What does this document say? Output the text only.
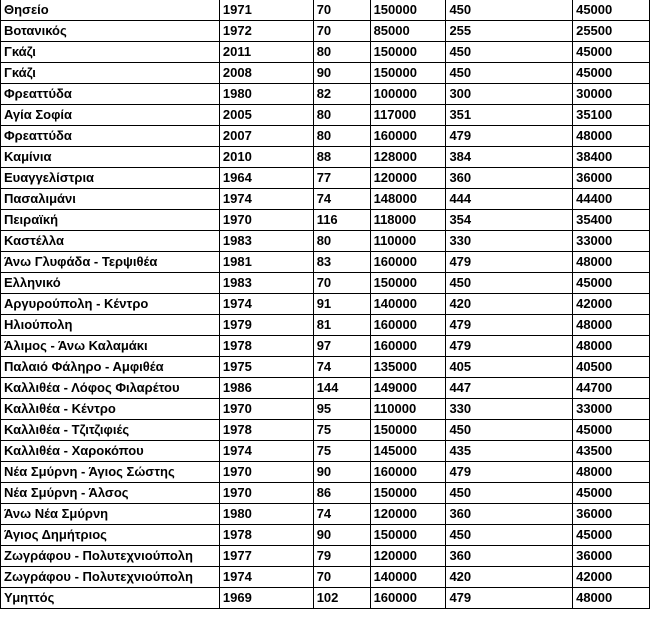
Θησείο	1971	70	150000	450	45000
Βοτανικός	1972	70	85000	255	25500
Γκάζι	2011	80	150000	450	45000
Γκάζι	2008	90	150000	450	45000
Φρεαττύδα	1980	82	100000	300	30000
Αγία Σοφία	2005	80	117000	351	35100
Φρεαττύδα	2007	80	160000	479	48000
Καμίνια	2010	88	128000	384	38400
Ευαγγελίστρια	1964	77	120000	360	36000
Πασαλιμάνι	1974	74	148000	444	44400
Πειραϊκή	1970	116	118000	354	35400
Καστέλλα	1983	80	110000	330	33000
Άνω Γλυφάδα - Τερψιθέα	1981	83	160000	479	48000
Ελληνικό	1983	70	150000	450	45000
Αργυρούπολη - Κέντρο	1974	91	140000	420	42000
Ηλιούπολη	1979	81	160000	479	48000
Άλιμος - Άνω Καλαμάκι	1978	97	160000	479	48000
Παλαιό Φάληρο - Αμφιθέα	1975	74	135000	405	40500
Καλλιθέα - Λόφος Φιλαρέτου	1986	144	149000	447	44700
Καλλιθέα - Κέντρο	1970	95	110000	330	33000
Καλλιθέα - Τζιτζιφιές	1978	75	150000	450	45000
Καλλιθέα - Χαροκόπου	1974	75	145000	435	43500
Νέα Σμύρνη - Άγιος Σώστης	1970	90	160000	479	48000
Νέα Σμύρνη - Άλσος	1970	86	150000	450	45000
Άνω Νέα Σμύρνη	1980	74	120000	360	36000
Άγιος Δημήτριος	1978	90	150000	450	45000
Ζωγράφου - Πολυτεχνιούπολη	1977	79	120000	360	36000
Ζωγράφου - Πολυτεχνιούπολη	1974	70	140000	420	42000
Υμηττός	1969	102	160000	479	48000
